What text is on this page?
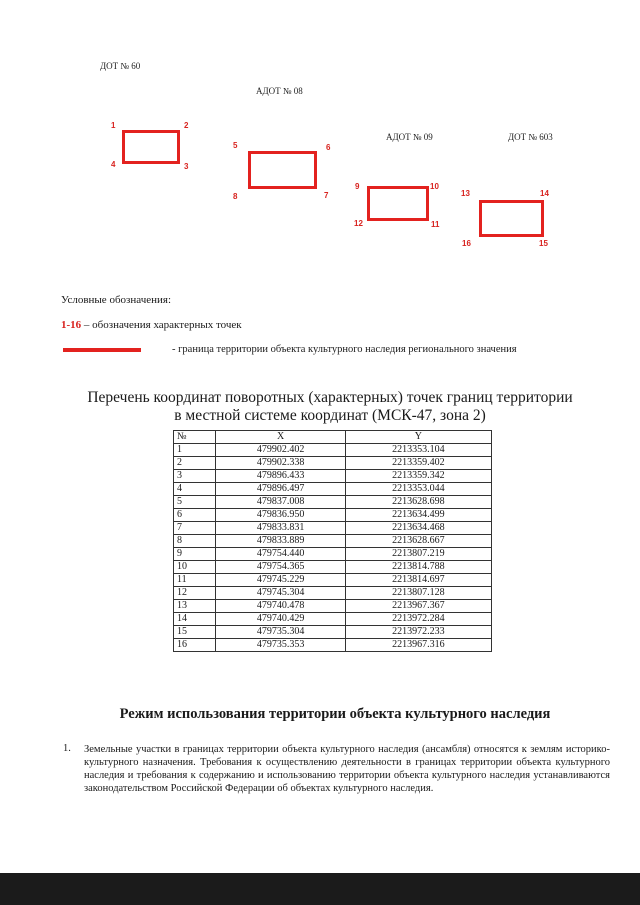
ДОТ № 60
АДОТ № 08
АДОТ № 09	ДОТ № 603
1	2
3
4
5	6
7
8
9	10
11
12
13	14
15
16
Условные обозначения:
1-16 – обозначения характерных точек
- граница территории объекта культурного наследия регионального значения
Перечень координат поворотных (характерных) точек границ территории
в местной системе координат (МСК-47, зона 2)
№	X	Y
1	479902.402	2213353.104
2	479902.338	2213359.402
3	479896.433	2213359.342
4	479896.497	2213353.044
5	479837.008	2213628.698
6	479836.950	2213634.499
7	479833.831	2213634.468
8	479833.889	2213628.667
9	479754.440	2213807.219
10	479754.365	2213814.788
11	479745.229	2213814.697
12	479745.304	2213807.128
13	479740.478	2213967.367
14	479740.429	2213972.284
15	479735.304	2213972.233
16	479735.353	2213967.316
Режим использования территории объекта культурного наследия
1. Земельные участки в границах территории объекта культурного наследия (ансамбля) относятся к землям историко-культурного назначения. Требования к осуществлению деятельности в границах территории объекта культурного наследия и требования к содержанию и использованию территории объекта культурного наследия устанавливаются законодательством Российской Федерации об объектах культурного наследия.
